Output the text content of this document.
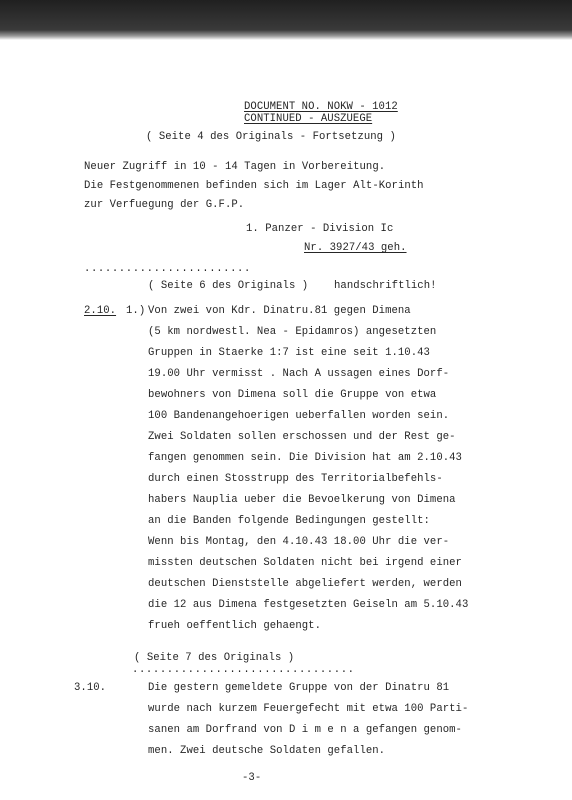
DOCUMENT NO. NOKW - 1012
CONTINUED - AUSZUEGE
( Seite 4 des Originals - Fortsetzung )
Neuer Zugriff in 10 - 14 Tagen in Vorbereitung.
Die Festgenommenen befinden sich im Lager Alt-Korinth
zur Verfuegung der G.F.P.
1. Panzer - Division Ic
Nr. 3927/43 geh.
........................
( Seite 6 des Originals ) handschriftlich!
2.10. 1.) Von zwei von Kdr. Dinatru.81 gegen Dimena
(5 km nordwestl. Nea - Epidamros) angesetzten
Gruppen in Staerke 1:7 ist eine seit 1.10.43
19.00 Uhr vermisst . Nach A ussagen eines Dorf-
bewohners von Dimena soll die Gruppe von etwa
100 Bandenangehoerigen ueberfallen worden sein.
Zwei Soldaten sollen erschossen und der Rest ge-
fangen genommen sein. Die Division hat am 2.10.43
durch einen Stosstrupp des Territorialbefehls-
habers Nauplia ueber die Bevoelkerung von Dimena
an die Banden folgende Bedingungen gestellt:
Wenn bis Montag, den 4.10.43 18.00 Uhr die ver-
missten deutschen Soldaten nicht bei irgend einer
deutschen Dienststelle abgeliefert werden, werden
die 12 aus Dimena festgesetzten Geiseln am 5.10.43
frueh oeffentlich gehaengt.
( Seite 7 des Originals )
................................
3.10.	Die gestern gemeldete Gruppe von der Dinatru 81
wurde nach kurzem Feuergefecht mit etwa 100 Parti-
sanen am Dorfrand von D i m e n a gefangen genom-
men. Zwei deutsche Soldaten gefallen.
-3-
